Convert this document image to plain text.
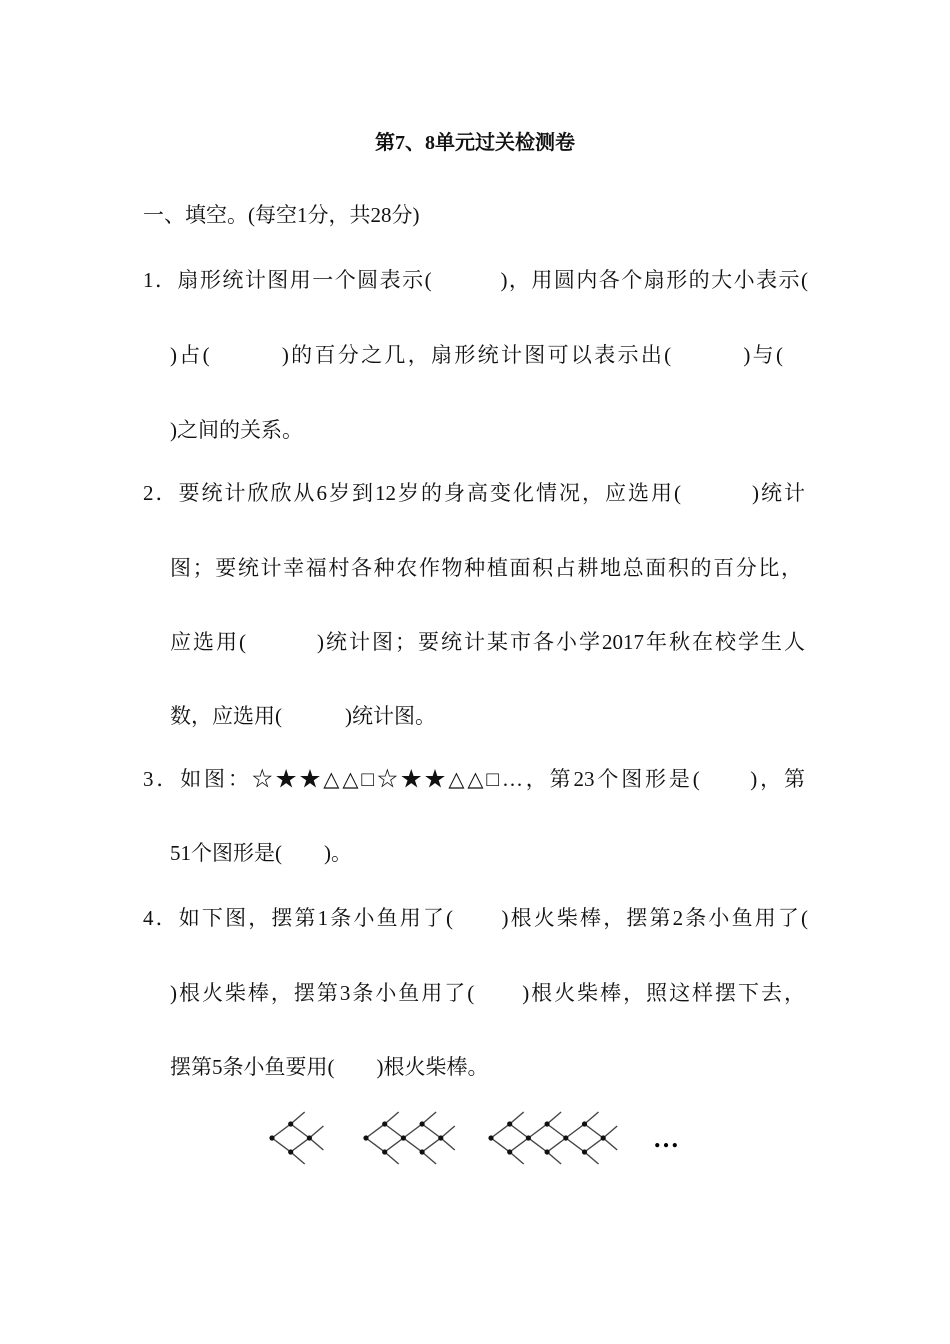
第7、8单元过关检测卷
一、填空。(每空1分，共28分)
1．扇形统计图用一个圆表示(　　　)，用圆内各个扇形的大小表示(
)占(　　　)的百分之几，扇形统计图可以表示出(　　　)与(
)之间的关系。
2．要统计欣欣从6岁到12岁的身高变化情况，应选用(　　　)统计
图；要统计幸福村各种农作物种植面积占耕地总面积的百分比，
应选用(　　　)统计图；要统计某市各小学2017年秋在校学生人
数，应选用(　　　)统计图。
3．如图：☆★★△△□☆★★△△□…，第23个图形是(　　)，第
51个图形是(　　)。
4．如下图，摆第1条小鱼用了(　　)根火柴棒，摆第2条小鱼用了(
)根火柴棒，摆第3条小鱼用了(　　)根火柴棒，照这样摆下去，
摆第5条小鱼要用(　　)根火柴棒。
…
